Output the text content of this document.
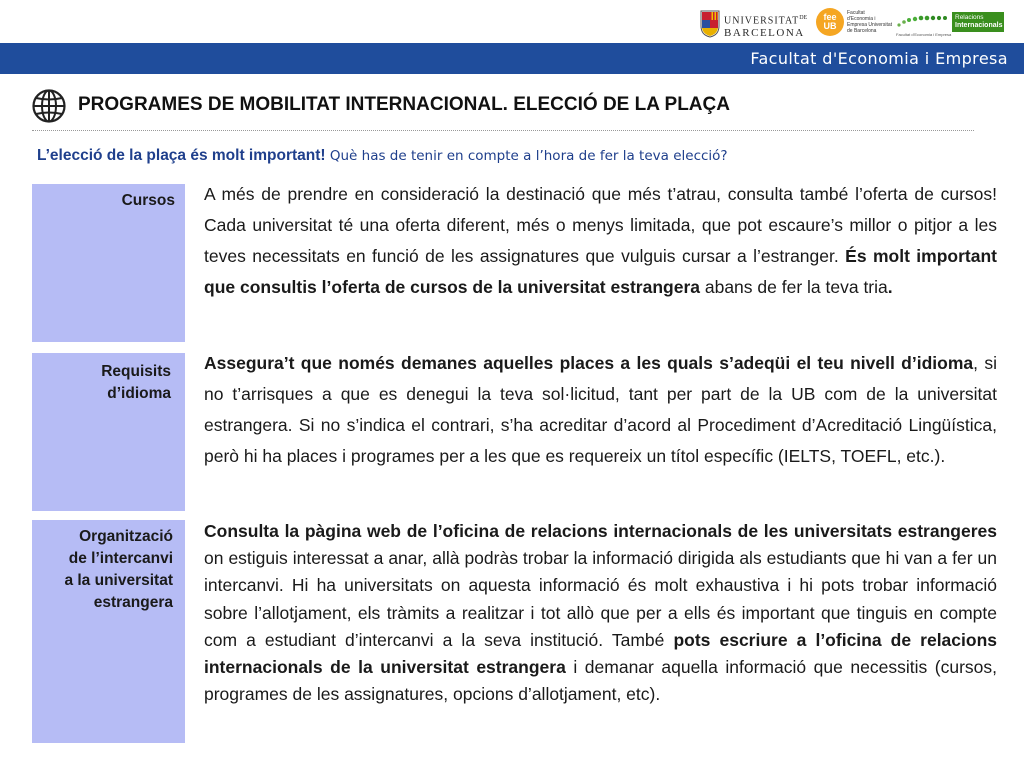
$UNIVERSITAT^{DE}$
BARCELONA
fee
UB
Facultat d'Economia i Empresa Universitat de Barcelona
Facultat d'Economia i Empresa
Relacions
Internacionals
Facultat d'Economia i Empresa
PROGRAMES DE MOBILITAT INTERNACIONAL. ELECCIÓ DE LA PLAÇA
L’elecció de la plaça és molt important! Què has de tenir en compte a l’hora de fer la teva elecció?
Cursos A més de prendre en consideració la destinació que més t’atrau, consulta també l’oferta de cursos! Cada universitat té una oferta diferent, més o menys limitada, que pot escaure’s millor o pitjor a les teves necessitats en funció de les assignatures que vulguis cursar a l’estranger. És molt important que consultis l’oferta de cursos de la universitat estrangera abans de fer la teva tria.
Requisits
d’idioma
Assegura’t que només demanes aquelles places a les quals s’adeqüi el teu nivell d’idioma, si no t’arrisques a que es denegui la teva sol·licitud, tant per part de la UB com de la universitat estrangera. Si no s’indica el contrari, s’ha acreditar d’acord al Procediment d’Acreditació Lingüística, però hi ha places i programes per a les que es requereix un títol específic (IELTS, TOEFL, etc.).
Organització
de l’intercanvi
a la universitat
estrangera
Consulta la pàgina web de l’oficina de relacions internacionals de les universitats estrangeres on estiguis interessat a anar, allà podràs trobar la informació dirigida als estudiants que hi van a fer un intercanvi. Hi ha universitats on aquesta informació és molt exhaustiva i hi pots trobar informació sobre l’allotjament, els tràmits a realitzar i tot allò que per a ells és important que tinguis en compte com a estudiant d’intercanvi a la seva institució. També pots escriure a l’oficina de relacions internacionals de la universitat estrangera i demanar aquella informació que necessitis (cursos, programes de les assignatures, opcions d’allotjament, etc).
